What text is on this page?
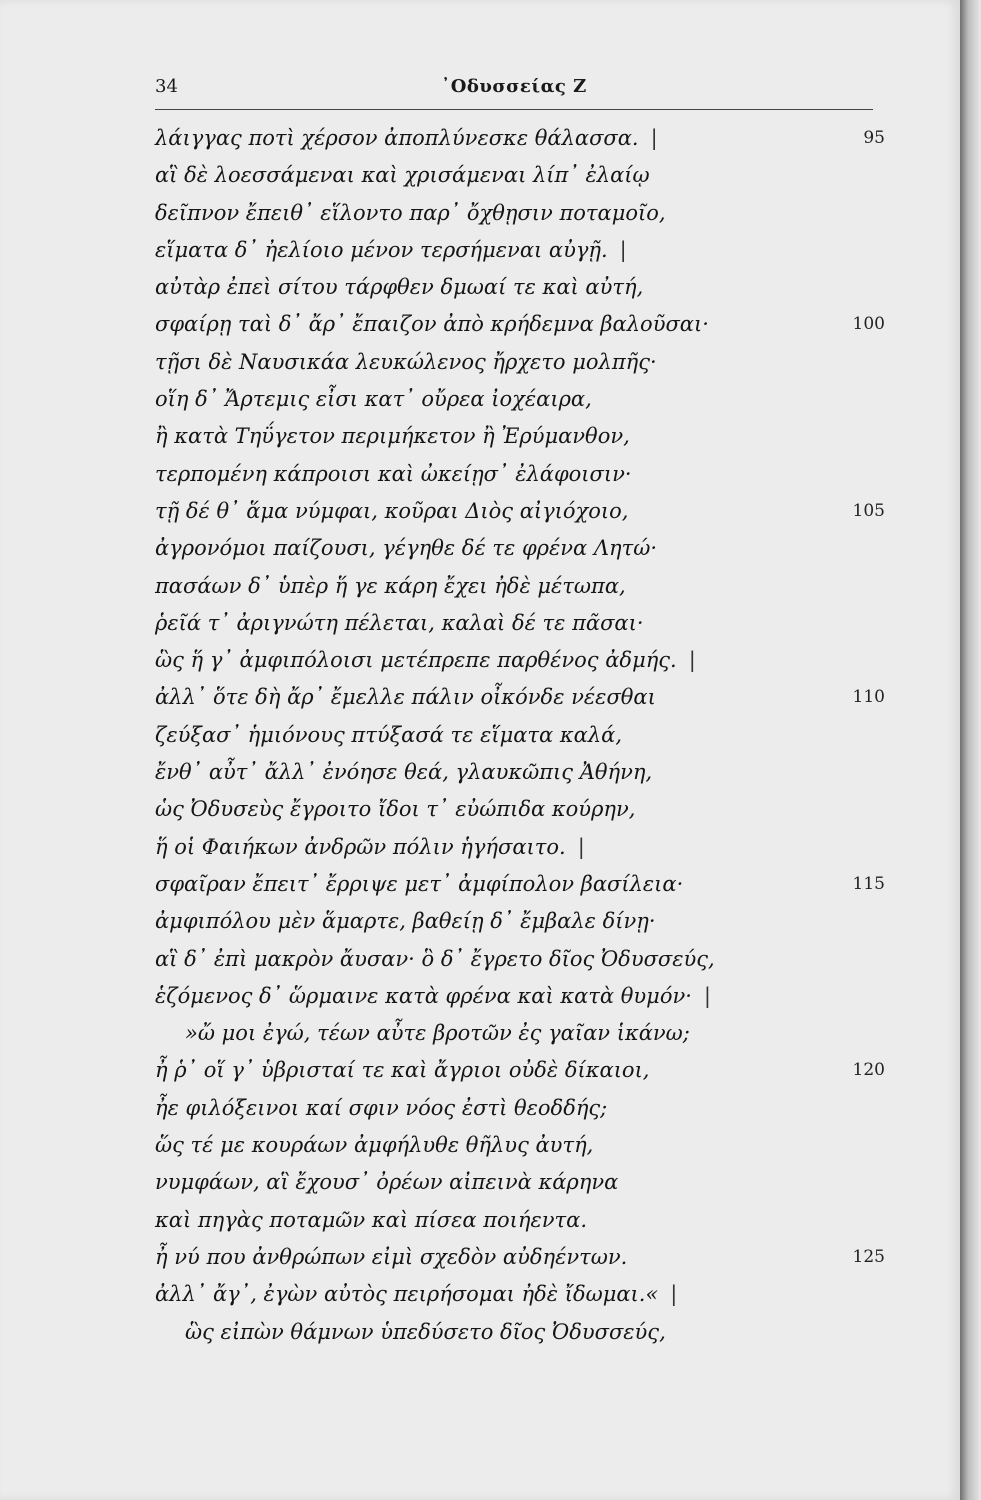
34	᾿Οδυσσείας Ζ
λάιγγας ποτὶ χέρσον ἀποπλύνεσκε θάλασσα. |	95
αἳ δὲ λοεσσάμεναι καὶ χρισάμεναι λίπ᾿ ἐλαίῳ
δεῖπνον ἔπειθ᾿ εἵλοντο παρ᾿ ὄχθῃσιν ποταμοῖο,
εἵματα δ᾿ ἠελίοιο μένον τερσήμεναι αὐγῇ. |
αὐτὰρ ἐπεὶ σίτου τάρφθεν δμωαί τε καὶ αὐτή,
σφαίρῃ ταὶ δ᾿ ἄρ᾿ ἔπαιζον ἀπὸ κρήδεμνα βαλοῦσαι·	100
τῇσι δὲ Ναυσικάα λευκώλενος ἤρχετο μολπῆς·
οἵη δ᾿ Ἄρτεμις εἶσι κατ᾿ οὔρεα ἰοχέαιρα,
ἢ κατὰ Τηΰγετον περιμήκετον ἢ Ἐρύμανθον,
τερπομένη κάπροισι καὶ ὠκείῃσ᾿ ἐλάφοισιν·
τῇ δέ θ᾿ ἅμα νύμφαι, κοῦραι Διὸς αἰγιόχοιο,	105
ἀγρονόμοι παίζουσι, γέγηθε δέ τε φρένα Λητώ·
πασάων δ᾿ ὑπὲρ ἥ γε κάρη ἔχει ἠδὲ μέτωπα,
ῥεῖά τ᾿ ἀριγνώτη πέλεται, καλαὶ δέ τε πᾶσαι·
ὣς ἥ γ᾿ ἀμφιπόλοισι μετέπρεπε παρθένος ἀδμής. |
ἀλλ᾿ ὅτε δὴ ἄρ᾿ ἔμελλε πάλιν οἶκόνδε νέεσθαι	110
ζεύξασ᾿ ἡμιόνους πτύξασά τε εἵματα καλά,
ἔνθ᾿ αὖτ᾿ ἄλλ᾿ ἐνόησε θεά, γλαυκῶπις Ἀθήνη,
ὡς Ὀδυσεὺς ἔγροιτο ἴδοι τ᾿ εὐώπιδα κούρην,
ἥ οἱ Φαιήκων ἀνδρῶν πόλιν ἡγήσαιτο. |
σφαῖραν ἔπειτ᾿ ἔρριψε μετ᾿ ἀμφίπολον βασίλεια·	115
ἀμφιπόλου μὲν ἅμαρτε, βαθείῃ δ᾿ ἔμβαλε δίνῃ·
αἳ δ᾿ ἐπὶ μακρὸν ἄυσαν· ὃ δ᾿ ἔγρετο δῖος Ὀδυσσεύς,
ἑζόμενος δ᾿ ὥρμαινε κατὰ φρένα καὶ κατὰ θυμόν· |
»ὤ μοι ἐγώ, τέων αὖτε βροτῶν ἐς γαῖαν ἱκάνω;
ἦ ῥ᾿ οἵ γ᾿ ὑβρισταί τε καὶ ἄγριοι οὐδὲ δίκαιοι,	120
ἦε φιλόξεινοι καί σφιν νόος ἐστὶ θεοδδής;
ὥς τέ με κουράων ἀμφήλυθε θῆλυς ἀυτή,
νυμφάων, αἳ ἔχουσ᾿ ὀρέων αἰπεινὰ κάρηνα
καὶ πηγὰς ποταμῶν καὶ πίσεα ποιήεντα.
ἦ νύ που ἀνθρώπων εἰμὶ σχεδὸν αὐδηέντων.	125
ἀλλ᾿ ἄγ᾿, ἐγὼν αὐτὸς πειρήσομαι ἠδὲ ἴδωμαι.« |
ὣς εἰπὼν θάμνων ὑπεδύσετο δῖος Ὀδυσσεύς,
